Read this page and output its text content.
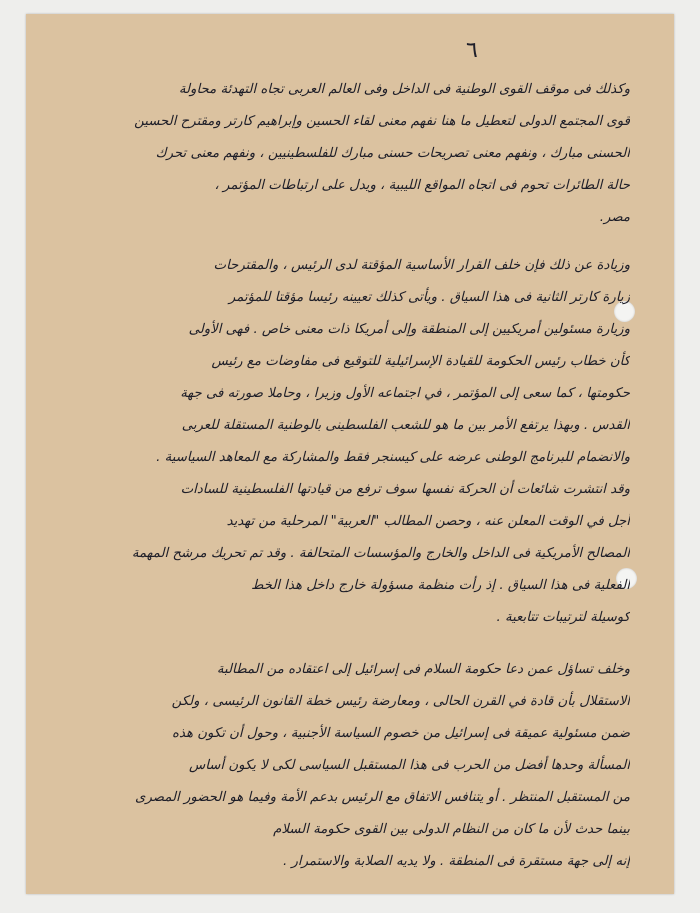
٦
وكذلك فى موقف القوى الوطنية فى الداخل وفى العالم العربى تجاه التهدئة محاولة
قوى المجتمع الدولى لتعطيل ما هنا نفهم معنى لقاء الحسين وإبراهيم كارتر ومقترح الحسين
الحسنى مبارك ، ونفهم معنى تصريحات حسنى مبارك للفلسطينيين ، ونفهم معنى تحرك
حالة الطائرات تحوم فى اتجاه المواقع الليبية ، ويدل على ارتباطات المؤتمر ،
مصر.
وزيادة عن ذلك فإن خلف القرار الأساسية المؤقتة لدى الرئيس ، والمقترحات
زيارة كارتر الثانية فى هذا السياق . ويأتى كذلك تعيينه رئيسا مؤقتا للمؤتمر
وزيارة مسئولين أمريكيين إلى المنطقة وإلى أمريكا ذات معنى خاص . فهى الأولى
كأن خطاب رئيس الحكومة للقيادة الإسرائيلية للتوقيع فى مفاوضات مع رئيس
حكومتها ، كما سعى إلى المؤتمر ، في اجتماعه الأول وزيرا ، وحاملا صورته فى جهة
القدس . وبهذا يرتفع الأمر بين ما هو للشعب الفلسطينى بالوطنية المستقلة للعربى
والانضمام للبرنامج الوطنى عرضه على كيسنجر فقط والمشاركة مع المعاهد السياسية .
وقد انتشرت شائعات أن الحركة نفسها سوف ترفع من قيادتها الفلسطينية للسادات
أجل في الوقت المعلن عنه ، وحصن المطالب "العربية" المرحلية من تهديد
المصالح الأمريكية فى الداخل والخارج والمؤسسات المتحالفة . وقد تم تحريك مرشح المهمة
الفعلية فى هذا السياق . إذ رأت منظمة مسؤولة خارج داخل هذا الخط
كوسيلة لترتيبات تتابعية .
وخلف تساؤل عمن دعا حكومة السلام فى إسرائيل إلى اعتقاده من المطالبة
الاستقلال بأن قادة في القرن الحالى ، ومعارضة رئيس خطة القانون الرئيسى ، ولكن
ضمن مسئولية عميقة فى إسرائيل من خصوم السياسة الأجنبية ، وحول أن تكون هذه
المسألة وحدها أفضل من الحرب فى هذا المستقبل السياسى لكى لا يكون أساس
من المستقبل المنتظر . أو يتنافس الاتفاق مع الرئيس بدعم الأمة وفيما هو الحضور المصرى
بينما حدث لأن ما كان من النظام الدولى بين القوى حكومة السلام
إنه إلى جهة مستقرة فى المنطقة . ولا يديه الصلابة والاستمرار .
